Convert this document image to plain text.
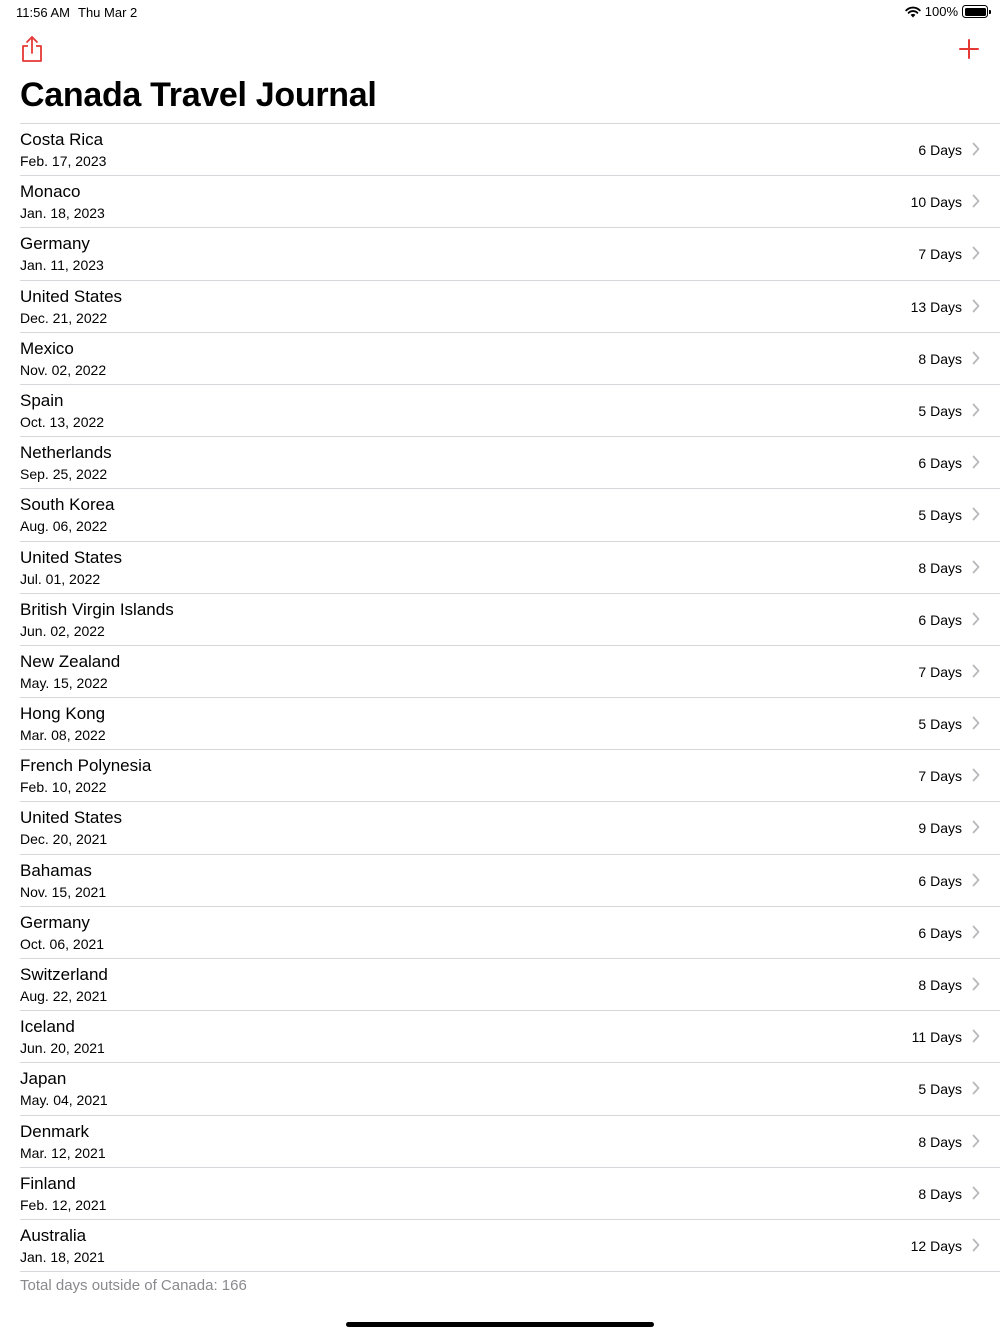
11:56 AM Thu Mar 2	100%
Canada Travel Journal
Costa Rica
Feb. 17, 2023
6 Days
Monaco
Jan. 18, 2023
10 Days
Germany
Jan. 11, 2023
7 Days
United States
Dec. 21, 2022
13 Days
Mexico
Nov. 02, 2022
8 Days
Spain
Oct. 13, 2022
5 Days
Netherlands
Sep. 25, 2022
6 Days
South Korea
Aug. 06, 2022
5 Days
United States
Jul. 01, 2022
8 Days
British Virgin Islands
Jun. 02, 2022
6 Days
New Zealand
May. 15, 2022
7 Days
Hong Kong
Mar. 08, 2022
5 Days
French Polynesia
Feb. 10, 2022
7 Days
United States
Dec. 20, 2021
9 Days
Bahamas
Nov. 15, 2021
6 Days
Germany
Oct. 06, 2021
6 Days
Switzerland
Aug. 22, 2021
8 Days
Iceland
Jun. 20, 2021
11 Days
Japan
May. 04, 2021
5 Days
Denmark
Mar. 12, 2021
8 Days
Finland
Feb. 12, 2021
8 Days
Australia
Jan. 18, 2021
12 Days
Total days outside of Canada: 166
